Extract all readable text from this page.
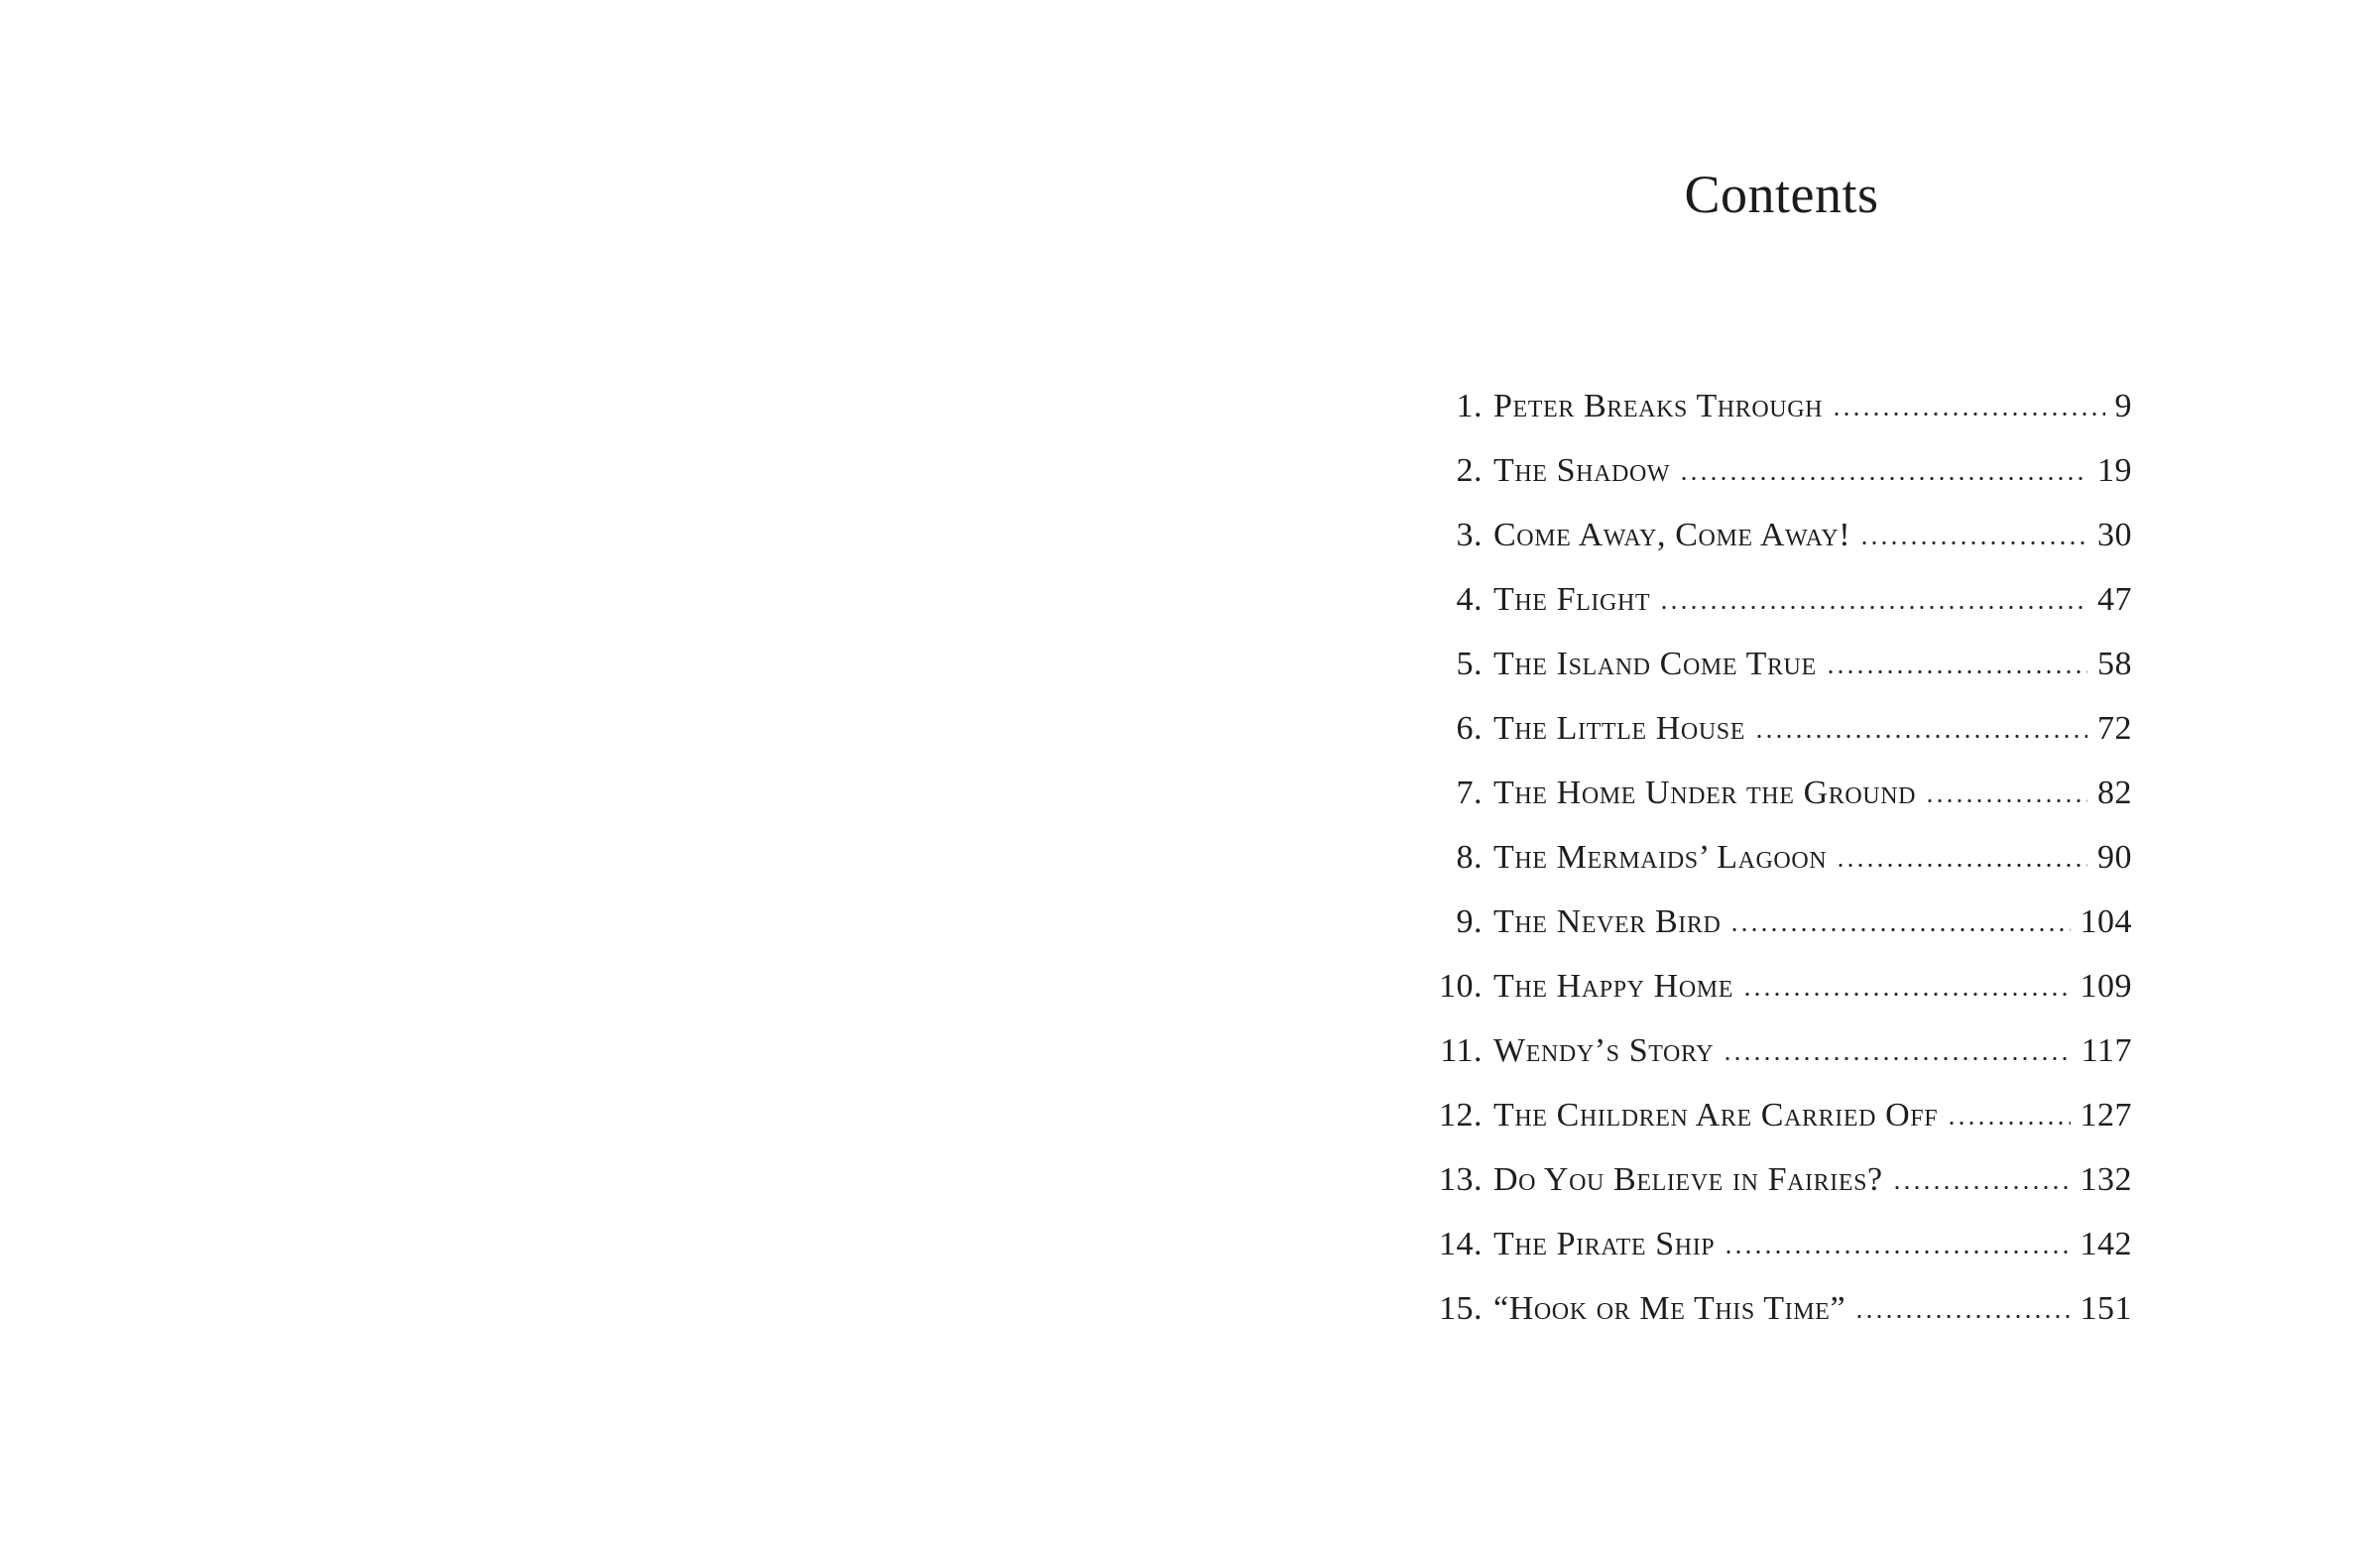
Contents
1. Peter Breaks Through	9
2. The Shadow	19
3. Come Away, Come Away!	30
4. The Flight	47
5. The Island Come True	58
6. The Little House	72
7. The Home Under the Ground	82
8. The Mermaids’ Lagoon	90
9. The Never Bird	104
10. The Happy Home	109
11. Wendy’s Story	117
12. The Children Are Carried Off	127
13. Do You Believe in Fairies?	132
14. The Pirate Ship	142
15. “Hook or Me This Time”	151
